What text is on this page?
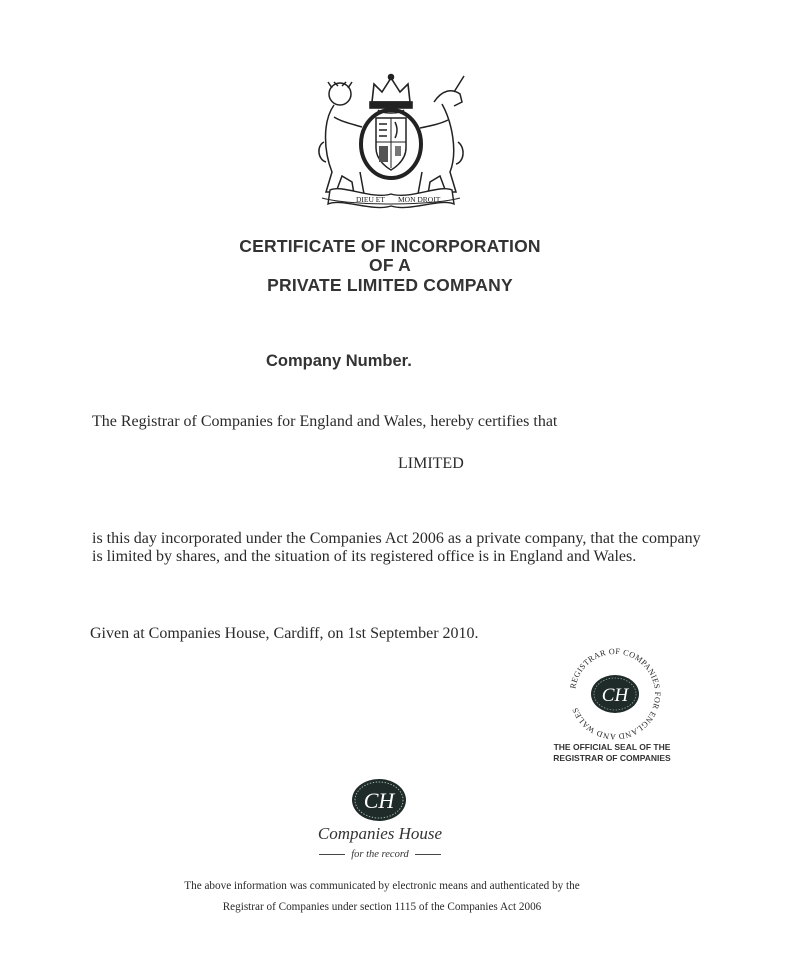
DIEU ET MON DROIT
CERTIFICATE OF INCORPORATION
OF A
PRIVATE LIMITED COMPANY
Company Number.
The Registrar of Companies for England and Wales, hereby certifies that
LIMITED
is this day incorporated under the Companies Act 2006 as a private company, that the company is limited by shares, and the situation of its registered office is in England and Wales.
Given at Companies House, Cardiff, on 1st September 2010.
REGISTRAR OF COMPANIES FOR ENGLAND AND WALES
CH
THE OFFICIAL SEAL OF THE
REGISTRAR OF COMPANIES
CH
Companies House
for the record
The above information was communicated by electronic means and authenticated by the
Registrar of Companies under section 1115 of the Companies Act 2006
